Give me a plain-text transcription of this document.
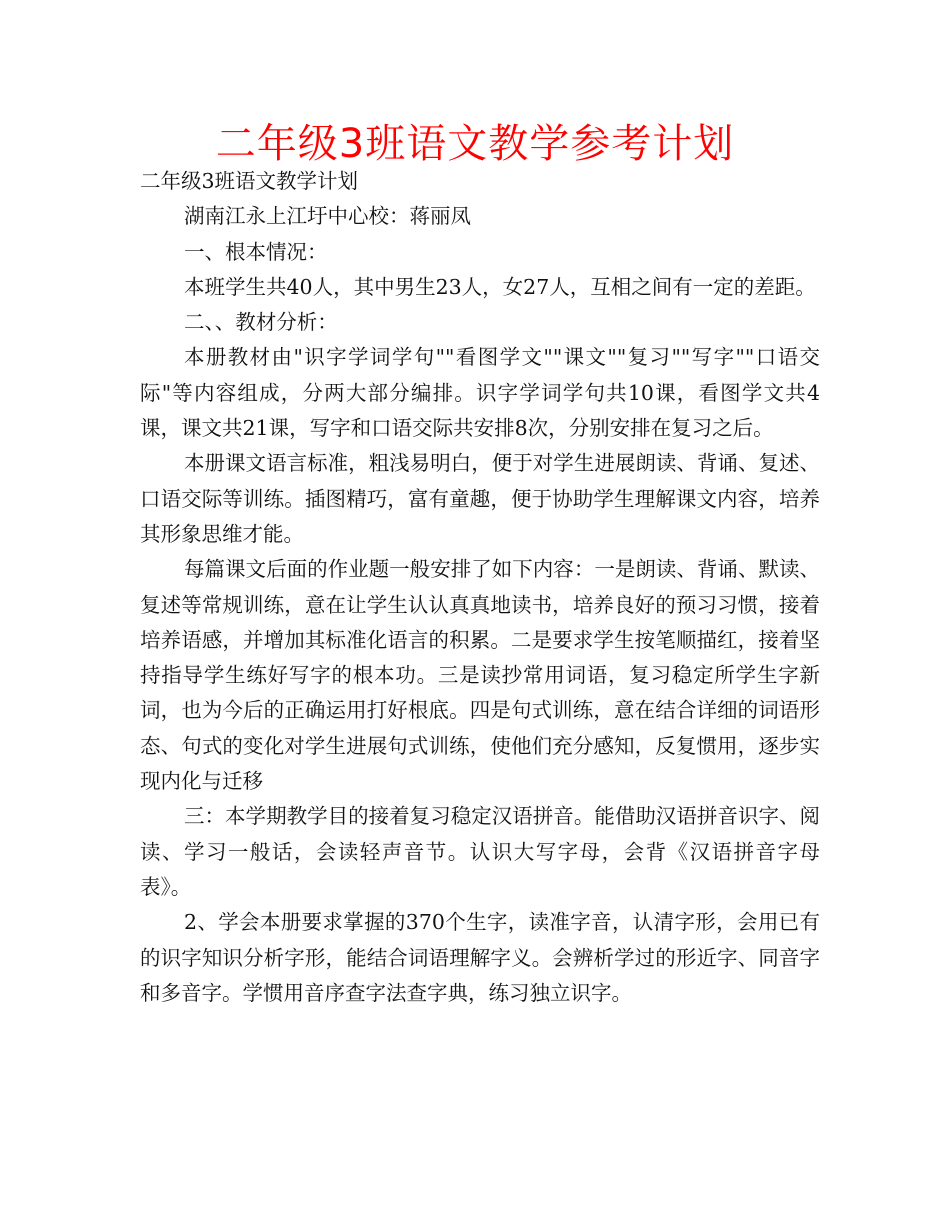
二年级3班语文教学参考计划

二年级3班语文教学计划

湖南江永上江圩中心校：蒋丽凤

一、根本情况：

本班学生共40人，其中男生23人，女27人，互相之间有一定的差距。

二、、教材分析：

本册教材由"识字学词学句""看图学文""课文""复习""写字""口语交际"等内容组成，分两大部分编排。识字学词学句共10课，看图学文共4课，课文共21课，写字和口语交际共安排8次，分别安排在复习之后。

本册课文语言标准，粗浅易明白，便于对学生进展朗读、背诵、复述、口语交际等训练。插图精巧，富有童趣，便于协助学生理解课文内容，培养其形象思维才能。

每篇课文后面的作业题一般安排了如下内容：一是朗读、背诵、默读、复述等常规训练，意在让学生认认真真地读书，培养良好的预习习惯，接着培养语感，并增加其标准化语言的积累。二是要求学生按笔顺描红，接着坚持指导学生练好写字的根本功。三是读抄常用词语，复习稳定所学生字新词，也为今后的正确运用打好根底。四是句式训练，意在结合详细的词语形态、句式的变化对学生进展句式训练，使他们充分感知，反复惯用，逐步实现内化与迁移

三：本学期教学目的接着复习稳定汉语拼音。能借助汉语拼音识字、阅读、学习一般话，会读轻声音节。认识大写字母，会背《汉语拼音字母表》。

2、学会本册要求掌握的370个生字，读准字音，认清字形，会用已有的识字知识分析字形，能结合词语理解字义。会辨析学过的形近字、同音字和多音字。学惯用音序查字法查字典，练习独立识字。
